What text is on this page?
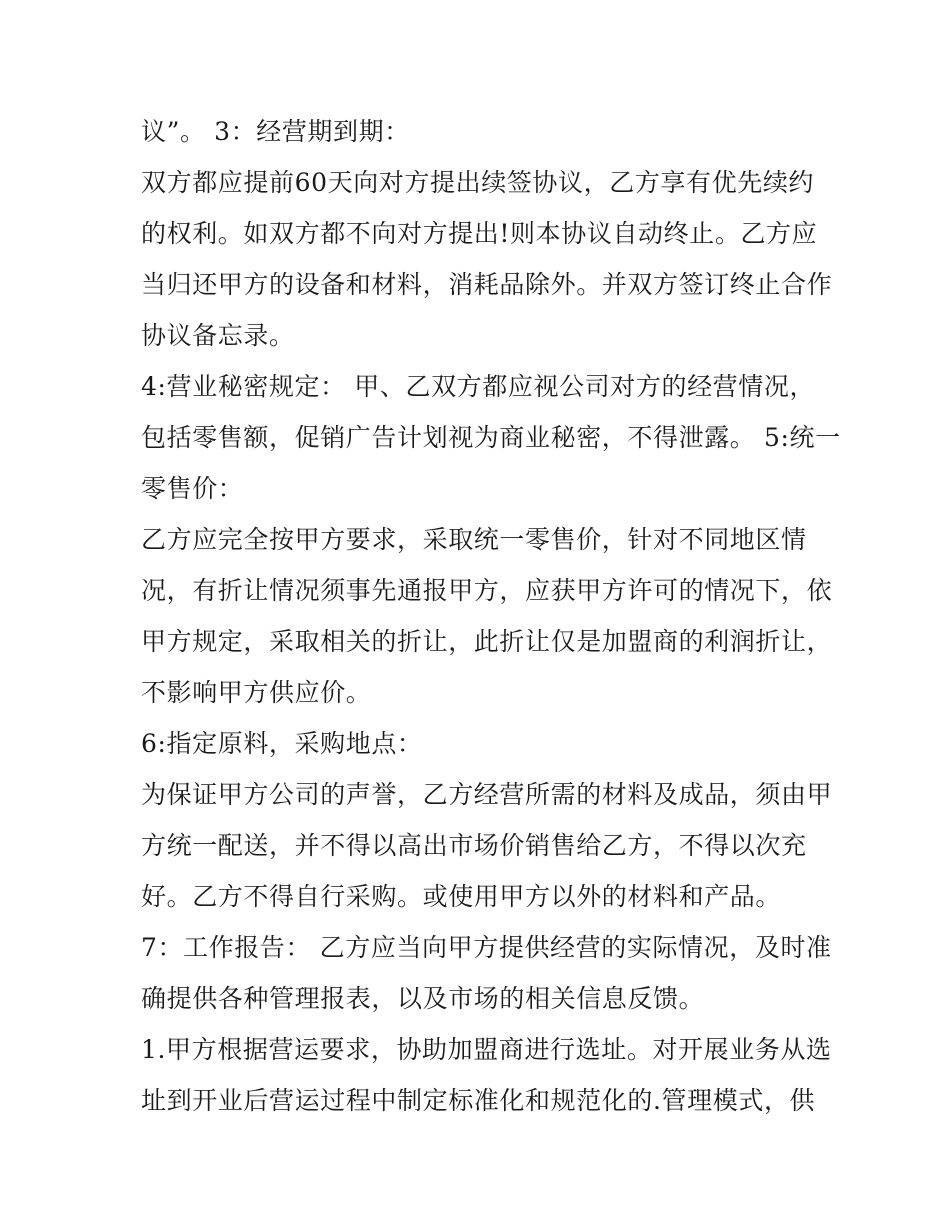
议”。 3：经营期到期：
双方都应提前60天向对方提出续签协议，乙方享有优先续约
的权利。如双方都不向对方提出!则本协议自动终止。乙方应
当归还甲方的设备和材料，消耗品除外。并双方签订终止合作
协议备忘录。
4:营业秘密规定： 甲、乙双方都应视公司对方的经营情况，
包括零售额，促销广告计划视为商业秘密，不得泄露。 5:统一
零售价：
乙方应完全按甲方要求，采取统一零售价，针对不同地区情
况，有折让情况须事先通报甲方，应获甲方许可的情况下，依
甲方规定，采取相关的折让，此折让仅是加盟商的利润折让，
不影响甲方供应价。
6:指定原料，采购地点：
为保证甲方公司的声誉，乙方经营所需的材料及成品，须由甲
方统一配送，并不得以高出市场价销售给乙方，不得以次充
好。乙方不得自行采购。或使用甲方以外的材料和产品。
7：工作报告： 乙方应当向甲方提供经营的实际情况，及时准
确提供各种管理报表，以及市场的相关信息反馈。
1.甲方根据营运要求，协助加盟商进行选址。对开展业务从选
址到开业后营运过程中制定标准化和规范化的.管理模式，供
